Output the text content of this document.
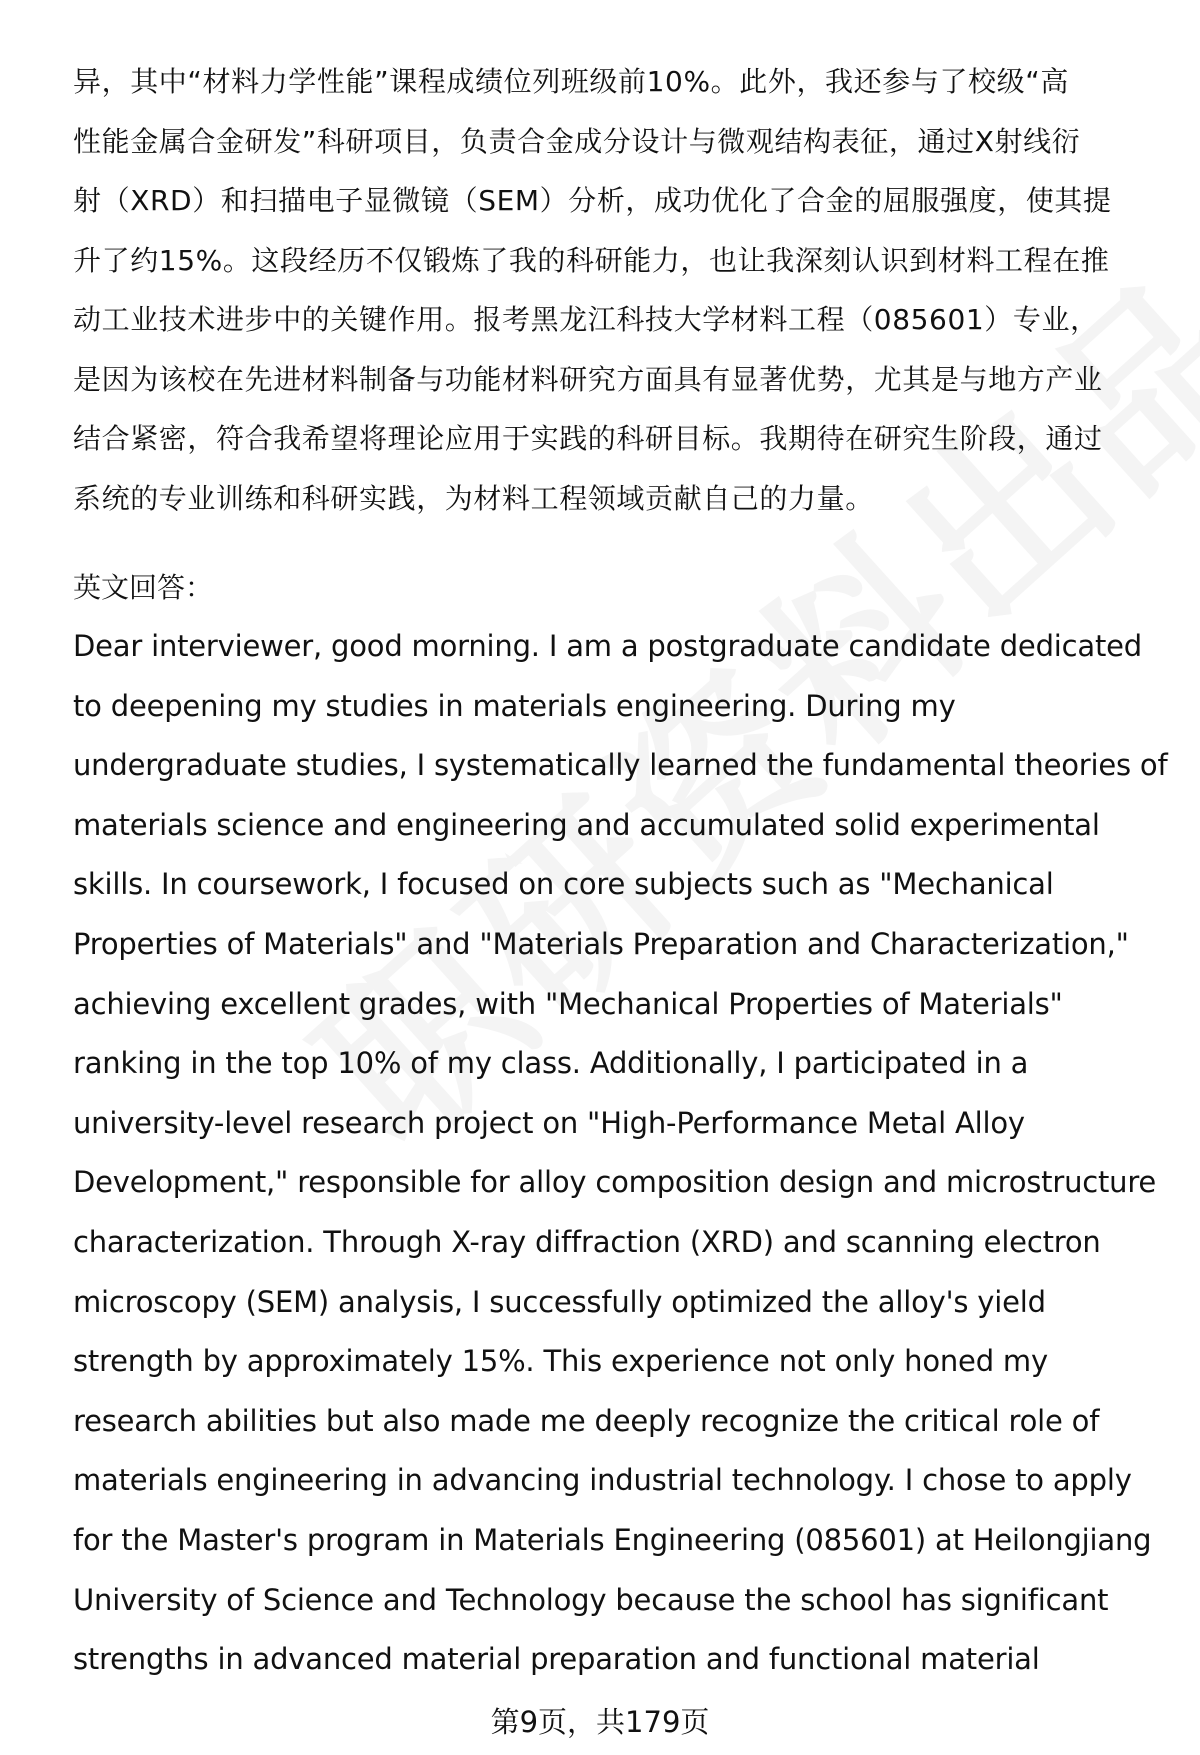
异，其中“材料力学性能”课程成绩位列班级前10%。此外，我还参与了校级“高
性能金属合金研发”科研项目，负责合金成分设计与微观结构表征，通过X射线衍
射（XRD）和扫描电子显微镜（SEM）分析，成功优化了合金的屈服强度，使其提
升了约15%。这段经历不仅锻炼了我的科研能力，也让我深刻认识到材料工程在推
动工业技术进步中的关键作用。报考黑龙江科技大学材料工程（085601）专业，
是因为该校在先进材料制备与功能材料研究方面具有显著优势，尤其是与地方产业
结合紧密，符合我希望将理论应用于实践的科研目标。我期待在研究生阶段，通过
系统的专业训练和科研实践，为材料工程领域贡献自己的力量。
英文回答：
Dear interviewer, good morning. I am a postgraduate candidate dedicated
to deepening my studies in materials engineering. During my
undergraduate studies, I systematically learned the fundamental theories of
materials science and engineering and accumulated solid experimental
skills. In coursework, I focused on core subjects such as "Mechanical
Properties of Materials" and "Materials Preparation and Characterization,"
achieving excellent grades, with "Mechanical Properties of Materials"
ranking in the top 10% of my class. Additionally, I participated in a
university-level research project on "High-Performance Metal Alloy
Development," responsible for alloy composition design and microstructure
characterization. Through X-ray diffraction (XRD) and scanning electron
microscopy (SEM) analysis, I successfully optimized the alloy's yield
strength by approximately 15%. This experience not only honed my
research abilities but also made me deeply recognize the critical role of
materials engineering in advancing industrial technology. I chose to apply
for the Master's program in Materials Engineering (085601) at Heilongjiang
University of Science and Technology because the school has significant
strengths in advanced material preparation and functional material
第9页，共179页
